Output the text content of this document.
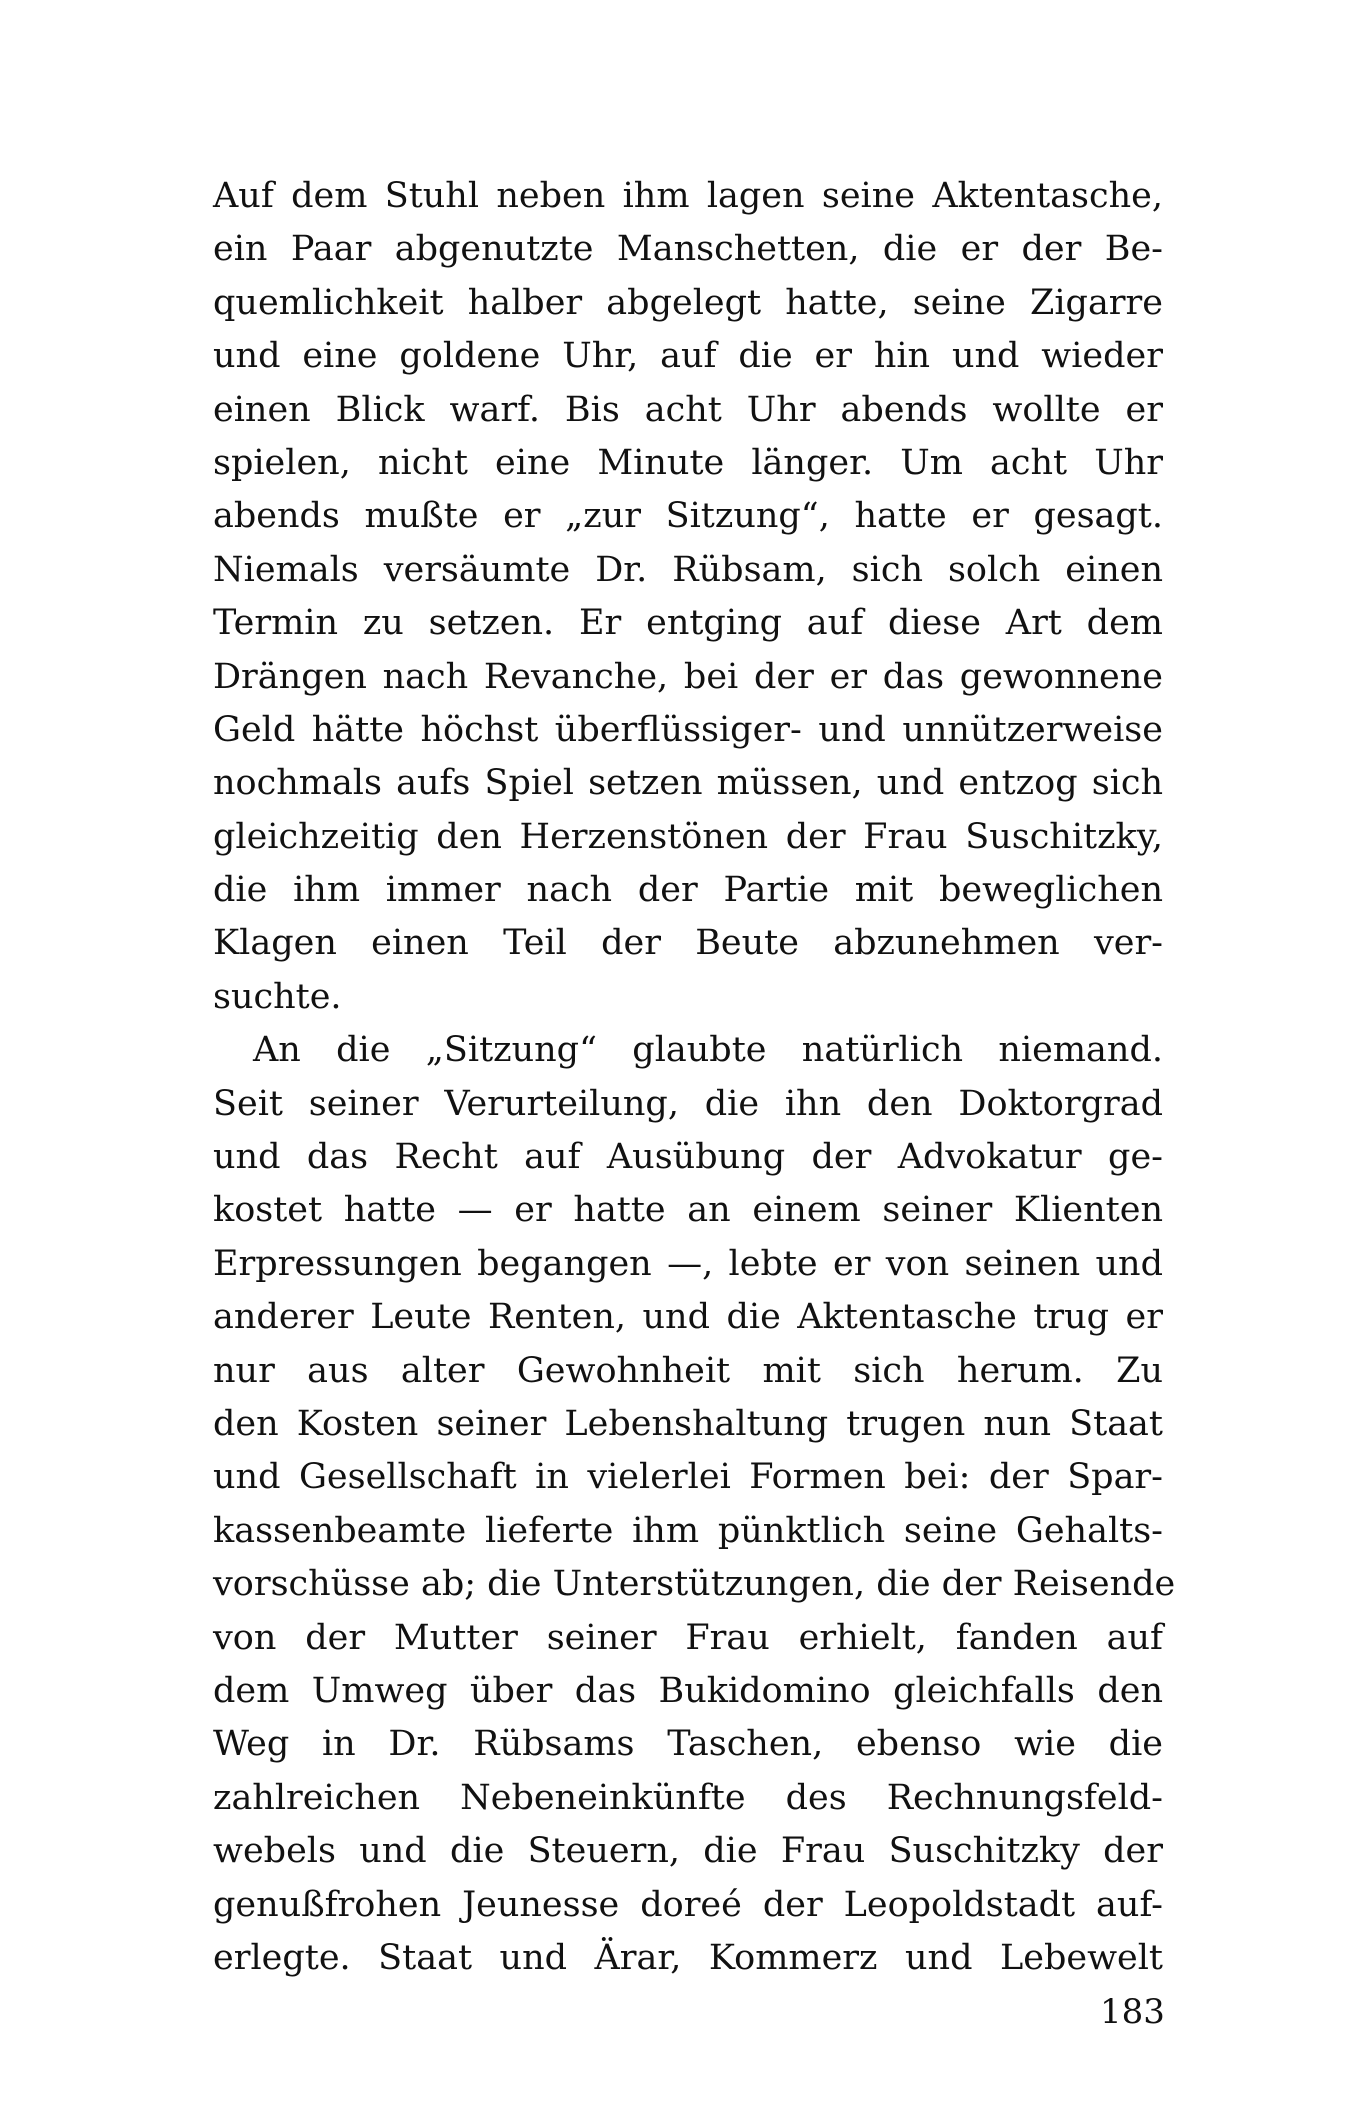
Auf dem Stuhl neben ihm lagen seine Aktentasche,
ein Paar abgenutzte Manschetten, die er der Be-
quemlichkeit halber abgelegt hatte, seine Zigarre
und eine goldene Uhr, auf die er hin und wieder
einen Blick warf. Bis acht Uhr abends wollte er
spielen, nicht eine Minute länger. Um acht Uhr
abends mußte er „zur Sitzung“, hatte er gesagt.
Niemals versäumte Dr. Rübsam, sich solch einen
Termin zu setzen. Er entging auf diese Art dem
Drängen nach Revanche, bei der er das gewonnene
Geld hätte höchst überflüssiger- und unnützerweise
nochmals aufs Spiel setzen müssen, und entzog sich
gleichzeitig den Herzenstönen der Frau Suschitzky,
die ihm immer nach der Partie mit beweglichen
Klagen einen Teil der Beute abzunehmen ver-
suchte.
An die „Sitzung“ glaubte natürlich niemand.
Seit seiner Verurteilung, die ihn den Doktorgrad
und das Recht auf Ausübung der Advokatur ge-
kostet hatte — er hatte an einem seiner Klienten
Erpressungen begangen —, lebte er von seinen und
anderer Leute Renten, und die Aktentasche trug er
nur aus alter Gewohnheit mit sich herum. Zu
den Kosten seiner Lebenshaltung trugen nun Staat
und Gesellschaft in vielerlei Formen bei: der Spar-
kassenbeamte lieferte ihm pünktlich seine Gehalts-
vorschüsse ab; die Unterstützungen, die der Reisende
von der Mutter seiner Frau erhielt, fanden auf
dem Umweg über das Bukidomino gleichfalls den
Weg in Dr. Rübsams Taschen, ebenso wie die
zahlreichen Nebeneinkünfte des Rechnungsfeld-
webels und die Steuern, die Frau Suschitzky der
genußfrohen Jeunesse doreé der Leopoldstadt auf-
erlegte. Staat und Ärar, Kommerz und Lebewelt
183
